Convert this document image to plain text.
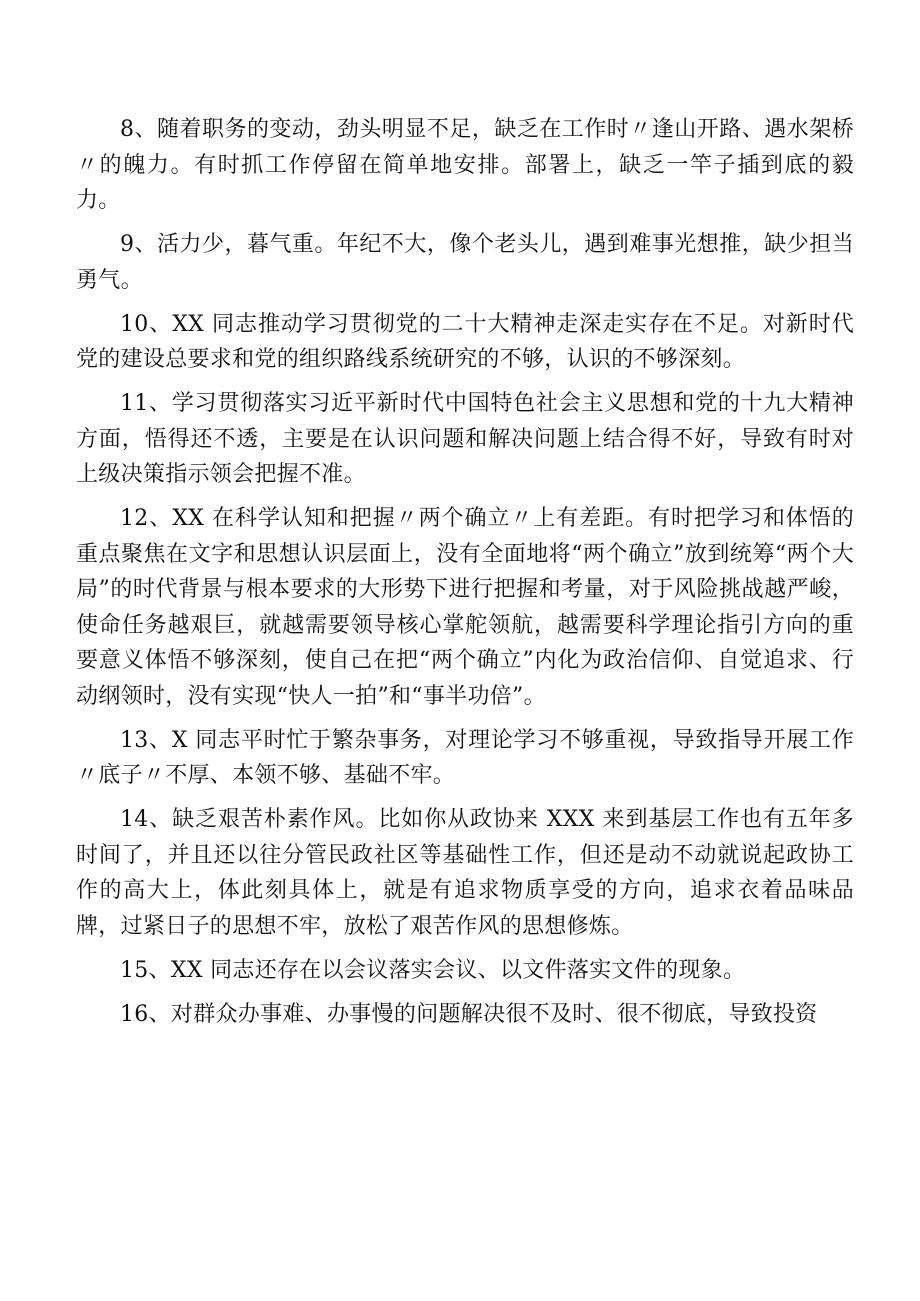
8、随着职务的变动，劲头明显不足，缺乏在工作时〃逢山开路、遇水架桥〃的魄力。有时抓工作停留在简单地安排。部署上，缺乏一竿子插到底的毅力。

9、活力少，暮气重。年纪不大，像个老头儿，遇到难事光想推，缺少担当勇气。

10、XX 同志推动学习贯彻党的二十大精神走深走实存在不足。对新时代党的建设总要求和党的组织路线系统研究的不够，认识的不够深刻。

11、学习贯彻落实习近平新时代中国特色社会主义思想和党的十九大精神方面，悟得还不透，主要是在认识问题和解决问题上结合得不好，导致有时对上级决策指示领会把握不准。

12、XX 在科学认知和把握〃两个确立〃上有差距。有时把学习和体悟的重点聚焦在文字和思想认识层面上，没有全面地将“两个确立”放到统筹“两个大局”的时代背景与根本要求的大形势下进行把握和考量，对于风险挑战越严峻，使命任务越艰巨，就越需要领导核心掌舵领航，越需要科学理论指引方向的重要意义体悟不够深刻，使自己在把“两个确立”内化为政治信仰、自觉追求、行动纲领时，没有实现“快人一拍”和“事半功倍”。

13、X 同志平时忙于繁杂事务，对理论学习不够重视，导致指导开展工作〃底子〃不厚、本领不够、基础不牢。

14、缺乏艰苦朴素作风。比如你从政协来 XXX 来到基层工作也有五年多时间了，并且还以往分管民政社区等基础性工作，但还是动不动就说起政协工作的高大上，体此刻具体上，就是有追求物质享受的方向，追求衣着品味品牌，过紧日子的思想不牢，放松了艰苦作风的思想修炼。

15、XX 同志还存在以会议落实会议、以文件落实文件的现象。

16、对群众办事难、办事慢的问题解决很不及时、很不彻底，导致投资
